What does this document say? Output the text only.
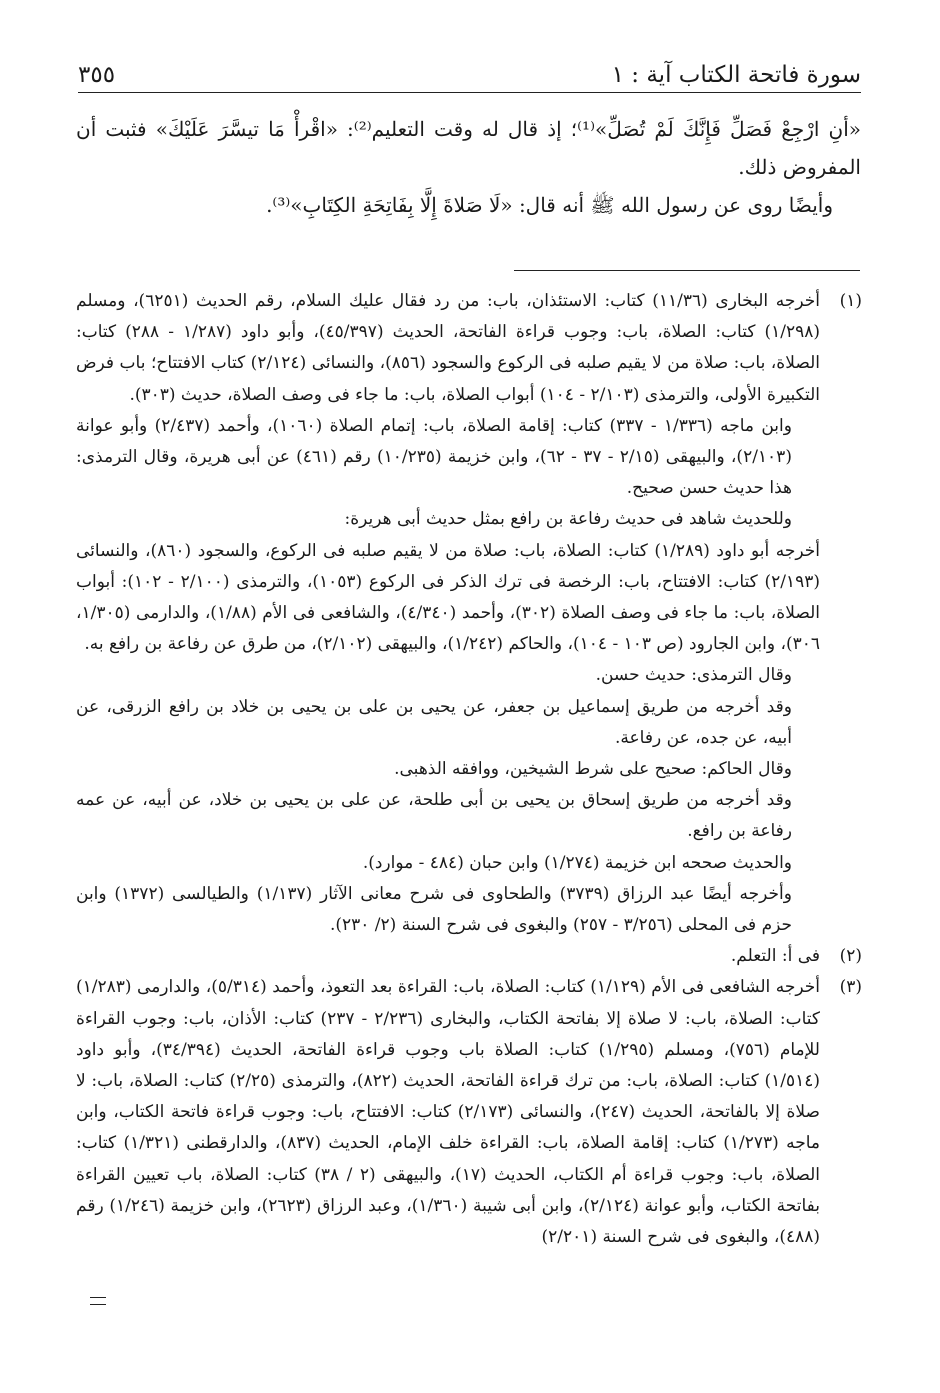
سورة فاتحة الكتاب آية : ١
٣٥٥

«أنِ ارْجِعْ فَصَلِّ فَإِنَّكَ لَمْ تُصَلِّ»⁽¹⁾؛ إذ قال له وقت التعليم⁽²⁾: «اقْرأْ مَا تيسَّرَ عَلَيْكَ» فثبت أن المفروض ذلك.

وأيضًا روى عن رسول الله ﷺ أنه قال: «لَا صَلاةَ إِلَّا بِفَاتِحَةِ الكِتَابِ»⁽³⁾.

(١)

أخرجه البخارى (١١/٣٦) كتاب: الاستئذان، باب: من رد فقال عليك السلام، رقم الحديث (٦٢٥١)، ومسلم (١/٢٩٨) كتاب: الصلاة، باب: وجوب قراءة الفاتحة، الحديث (٤٥/٣٩٧)، وأبو داود (١/٢٨٧ - ٢٨٨) كتاب: الصلاة، باب: صلاة من لا يقيم صلبه فى الركوع والسجود (٨٥٦)، والنسائى (٢/١٢٤) كتاب الافتتاح؛ باب فرض التكبيرة الأولى، والترمذى (٢/١٠٣ - ١٠٤) أبواب الصلاة، باب: ما جاء فى وصف الصلاة، حديث (٣٠٣).

وابن ماجه (١/٣٣٦ - ٣٣٧) كتاب: إقامة الصلاة، باب: إتمام الصلاة (١٠٦٠)، وأحمد (٢/٤٣٧) وأبو عوانة (٢/١٠٣)، والبيهقى (٢/١٥ - ٣٧ - ٦٢)، وابن خزيمة (١٠/٢٣٥) رقم (٤٦١) عن أبى هريرة، وقال الترمذى: هذا حديث حسن صحيح.

وللحديث شاهد فى حديث رفاعة بن رافع بمثل حديث أبى هريرة:

أخرجه أبو داود (١/٢٨٩) كتاب: الصلاة، باب: صلاة من لا يقيم صلبه فى الركوع، والسجود (٨٦٠)، والنسائى (٢/١٩٣) كتاب: الافتتاح، باب: الرخصة فى ترك الذكر فى الركوع (١٠٥٣)، والترمذى (٢/١٠٠ - ١٠٢): أبواب الصلاة، باب: ما جاء فى وصف الصلاة (٣٠٢)، وأحمد (٤/٣٤٠)، والشافعى فى الأم (١/٨٨)، والدارمى (١/٣٠٥، ٣٠٦)، وابن الجارود (ص ١٠٣ - ١٠٤)، والحاكم (١/٢٤٢)، والبيهقى (٢/١٠٢)، من طرق عن رفاعة بن رافع به.

وقال الترمذى: حديث حسن.

وقد أخرجه من طريق إسماعيل بن جعفر، عن يحيى بن على بن يحيى بن خلاد بن رافع الزرقى، عن أبيه، عن جده، عن رفاعة.

وقال الحاكم: صحيح على شرط الشيخين، ووافقه الذهبى.

وقد أخرجه من طريق إسحاق بن يحيى بن أبى طلحة، عن على بن يحيى بن خلاد، عن أبيه، عن عمه رفاعة بن رافع.

والحديث صححه ابن خزيمة (١/٢٧٤) وابن حبان (٤٨٤ - موارد).

وأخرجه أيضًا عبد الرزاق (٣٧٣٩) والطحاوى فى شرح معانى الآثار (١/١٣٧) والطيالسى (١٣٧٢) وابن حزم فى المحلى (٣/٢٥٦ - ٢٥٧) والبغوى فى شرح السنة (٢/ ٢٣٠).

(٢)

فى أ: التعلم.

(٣)

أخرجه الشافعى فى الأم (١/١٢٩) كتاب: الصلاة، باب: القراءة بعد التعوذ، وأحمد (٥/٣١٤)، والدارمى (١/٢٨٣) كتاب: الصلاة، باب: لا صلاة إلا بفاتحة الكتاب، والبخارى (٢/٢٣٦ - ٢٣٧) كتاب: الأذان، باب: وجوب القراءة للإمام (٧٥٦)، ومسلم (١/٢٩٥) كتاب: الصلاة باب وجوب قراءة الفاتحة، الحديث (٣٤/٣٩٤)، وأبو داود (١/٥١٤) كتاب: الصلاة، باب: من ترك قراءة الفاتحة، الحديث (٨٢٢)، والترمذى (٢/٢٥) كتاب: الصلاة، باب: لا صلاة إلا بالفاتحة، الحديث (٢٤٧)، والنسائى (٢/١٧٣) كتاب: الافتتاح، باب: وجوب قراءة فاتحة الكتاب، وابن ماجه (١/٢٧٣) كتاب: إقامة الصلاة، باب: القراءة خلف الإمام، الحديث (٨٣٧)، والدارقطنى (١/٣٢١) كتاب: الصلاة، باب: وجوب قراءة أم الكتاب، الحديث (١٧)، والبيهقى (٢ / ٣٨) كتاب: الصلاة، باب تعيين القراءة بفاتحة الكتاب، وأبو عوانة (٢/١٢٤)، وابن أبى شيبة (١/٣٦٠)، وعبد الرزاق (٢٦٢٣)، وابن خزيمة (١/٢٤٦) رقم (٤٨٨)، والبغوى فى شرح السنة (٢/٢٠١)
